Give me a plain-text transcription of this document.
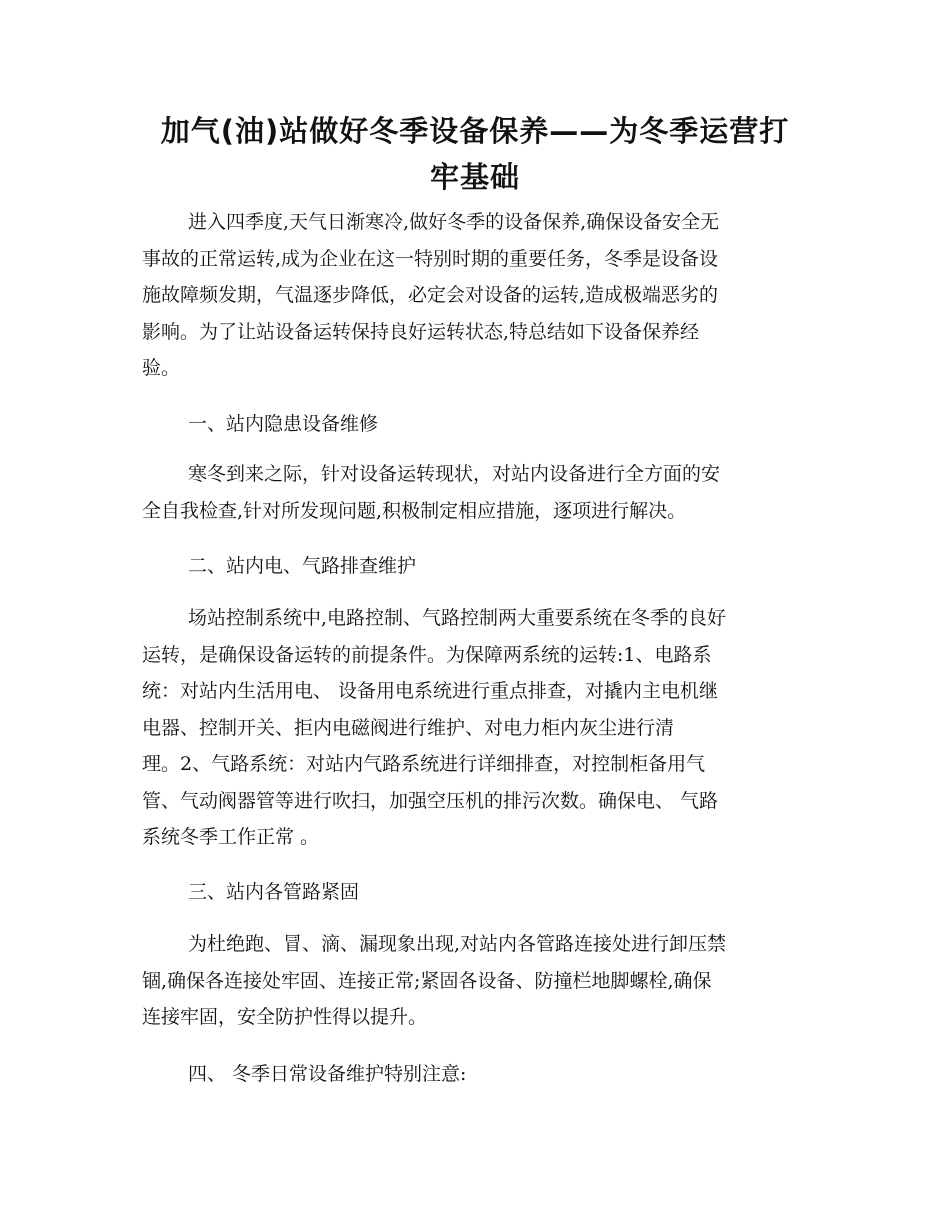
加气(油)站做好冬季设备保养——为冬季运营打
牢基础

进入四季度,天气日渐寒冷,做好冬季的设备保养,确保设备安全无
事故的正常运转,成为企业在这一特别时期的重要任务，冬季是设备设
施故障频发期，气温逐步降低，必定会对设备的运转,造成极端恶劣的
影响。为了让站设备运转保持良好运转状态,特总结如下设备保养经
验。

一、站内隐患设备维修

寒冬到来之际，针对设备运转现状，对站内设备进行全方面的安
全自我检查,针对所发现问题,积极制定相应措施，逐项进行解决。

二、站内电、气路排查维护

场站控制系统中,电路控制、气路控制两大重要系统在冬季的良好
运转，是确保设备运转的前提条件。为保障两系统的运转:1、电路系
统：对站内生活用电、 设备用电系统进行重点排查，对撬内主电机继
电器、控制开关、拒内电磁阀进行维护、对电力柜内灰尘进行清
理。2、气路系统：对站内气路系统进行详细排查，对控制柜备用气
管、气动阀器管等进行吹扫，加强空压机的排污次数。确保电、 气路
系统冬季工作正常 。

三、站内各管路紧固

为杜绝跑、冒、滴、漏现象出现,对站内各管路连接处进行卸压禁
锢,确保各连接处牢固、连接正常;紧固各设备、防撞栏地脚螺栓,确保
连接牢固，安全防护性得以提升。

四、 冬季日常设备维护特别注意:
